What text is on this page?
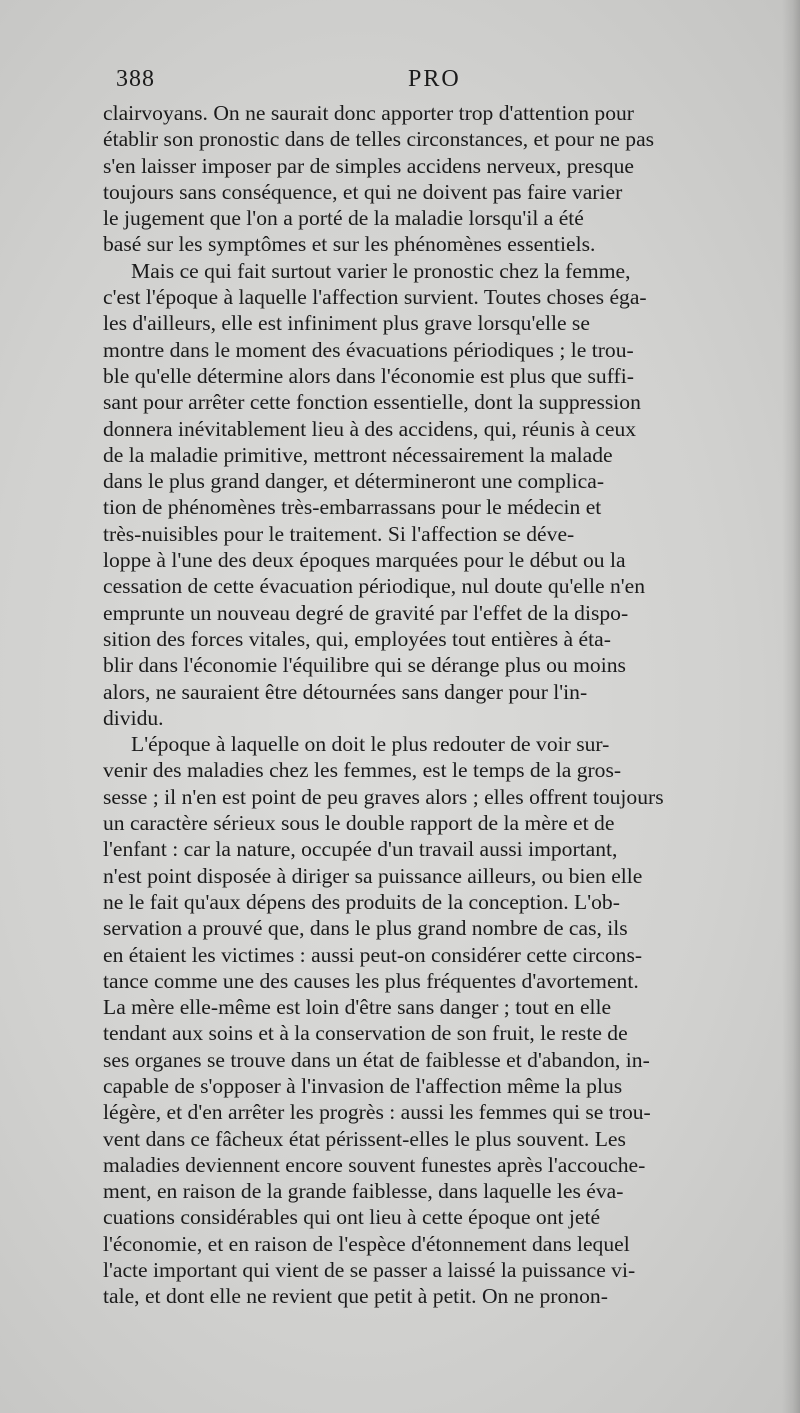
388	PRO
clairvoyans. On ne saurait donc apporter trop d'attention pour
établir son pronostic dans de telles circonstances, et pour ne pas
s'en laisser imposer par de simples accidens nerveux, presque
toujours sans conséquence, et qui ne doivent pas faire varier
le jugement que l'on a porté de la maladie lorsqu'il a été
basé sur les symptômes et sur les phénomènes essentiels.
Mais ce qui fait surtout varier le pronostic chez la femme,
c'est l'époque à laquelle l'affection survient. Toutes choses éga-
les d'ailleurs, elle est infiniment plus grave lorsqu'elle se
montre dans le moment des évacuations périodiques ; le trou-
ble qu'elle détermine alors dans l'économie est plus que suffi-
sant pour arrêter cette fonction essentielle, dont la suppression
donnera inévitablement lieu à des accidens, qui, réunis à ceux
de la maladie primitive, mettront nécessairement la malade
dans le plus grand danger, et détermineront une complica-
tion de phénomènes très-embarrassans pour le médecin et
très-nuisibles pour le traitement. Si l'affection se déve-
loppe à l'une des deux époques marquées pour le début ou la
cessation de cette évacuation périodique, nul doute qu'elle n'en
emprunte un nouveau degré de gravité par l'effet de la dispo-
sition des forces vitales, qui, employées tout entières à éta-
blir dans l'économie l'équilibre qui se dérange plus ou moins
alors, ne sauraient être détournées sans danger pour l'in-
dividu.
L'époque à laquelle on doit le plus redouter de voir sur-
venir des maladies chez les femmes, est le temps de la gros-
sesse ; il n'en est point de peu graves alors ; elles offrent toujours
un caractère sérieux sous le double rapport de la mère et de
l'enfant : car la nature, occupée d'un travail aussi important,
n'est point disposée à diriger sa puissance ailleurs, ou bien elle
ne le fait qu'aux dépens des produits de la conception. L'ob-
servation a prouvé que, dans le plus grand nombre de cas, ils
en étaient les victimes : aussi peut-on considérer cette circons-
tance comme une des causes les plus fréquentes d'avortement.
La mère elle-même est loin d'être sans danger ; tout en elle
tendant aux soins et à la conservation de son fruit, le reste de
ses organes se trouve dans un état de faiblesse et d'abandon, in-
capable de s'opposer à l'invasion de l'affection même la plus
légère, et d'en arrêter les progrès : aussi les femmes qui se trou-
vent dans ce fâcheux état périssent-elles le plus souvent. Les
maladies deviennent encore souvent funestes après l'accouche-
ment, en raison de la grande faiblesse, dans laquelle les éva-
cuations considérables qui ont lieu à cette époque ont jeté
l'économie, et en raison de l'espèce d'étonnement dans lequel
l'acte important qui vient de se passer a laissé la puissance vi-
tale, et dont elle ne revient que petit à petit. On ne pronon-
